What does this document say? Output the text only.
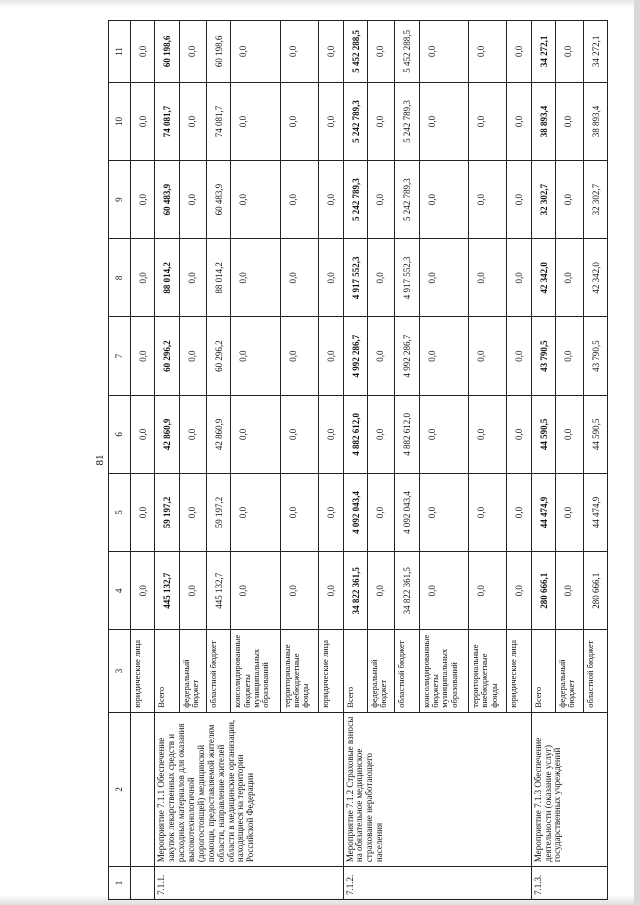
81
1	2	3	4	5	6	7	8	9	10	11
		юридические лица	0,0	0,0	0,0	0,0	0,0	0,0	0,0	0,0
7.1.1.	Мероприятие 7.1.1 Обеспечение закупок лекарственных средств и расходных материалов для оказания высокотехнологичной (дорогостоящей) медицинской помощи, предоставляемой жителям области, направление жителей области в медицинские организации, находящиеся на территории Российской Федерации	Всего	445 132,7	59 197,2	42 860,9	60 296,2	88 014,2	60 483,9	74 081,7	60 198,6
		федеральный бюджет	0,0	0,0	0,0	0,0	0,0	0,0	0,0	0,0
		областной бюджет	445 132,7	59 197,2	42 860,9	60 296,2	88 014,2	60 483,9	74 081,7	60 198,6
		консолидированные бюджеты муниципальных образований	0,0	0,0	0,0	0,0	0,0	0,0	0,0	0,0
		территориальные внебюджетные фонды	0,0	0,0	0,0	0,0	0,0	0,0	0,0	0,0
		юридические лица	0,0	0,0	0,0	0,0	0,0	0,0	0,0	0,0
7.1.2.	Мероприятие 7.1.2 Страховые взносы на обязательное медицинское страхование неработающего населения	Всего	34 822 361,5	4 092 043,4	4 882 612,0	4 992 286,7	4 917 552,3	5 242 789,3	5 242 789,3	5 452 288,5
		федеральный бюджет	0,0	0,0	0,0	0,0	0,0	0,0	0,0	0,0
		областной бюджет	34 822 361,5	4 092 043,4	4 882 612,0	4 992 286,7	4 917 552,3	5 242 789,3	5 242 789,3	5 452 288,5
		консолидированные бюджеты муниципальных образований	0,0	0,0	0,0	0,0	0,0	0,0	0,0	0,0
		территориальные внебюджетные фонды	0,0	0,0	0,0	0,0	0,0	0,0	0,0	0,0
		юридические лица	0,0	0,0	0,0	0,0	0,0	0,0	0,0	0,0
7.1.3.	Мероприятие 7.1.3 Обеспечение деятельности (оказание услуг) государственных учреждений	Всего	280 666,1	44 474,9	44 590,5	43 790,5	42 342,0	32 302,7	38 893,4	34 272,1
		федеральный бюджет	0,0	0,0	0,0	0,0	0,0	0,0	0,0	0,0
		областной бюджет	280 666,1	44 474,9	44 590,5	43 790,5	42 342,0	32 302,7	38 893,4	34 272,1
